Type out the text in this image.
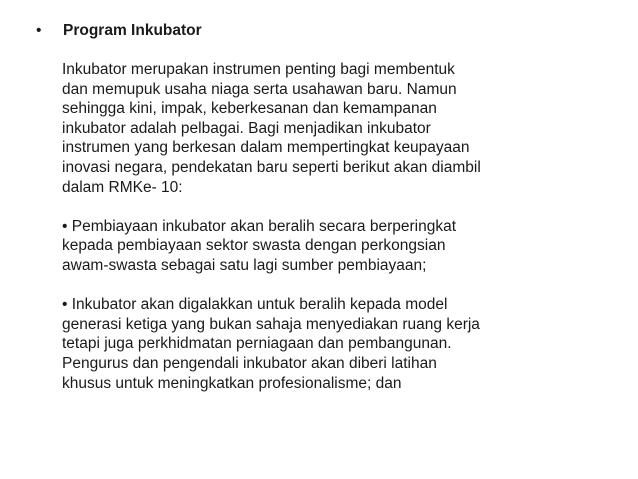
•	Program Inkubator

Inkubator merupakan instrumen penting bagi membentuk
dan memupuk usaha niaga serta usahawan baru. Namun
sehingga kini, impak, keberkesanan dan kemampanan
inkubator adalah pelbagai. Bagi menjadikan inkubator
instrumen yang berkesan dalam mempertingkat keupayaan
inovasi negara, pendekatan baru seperti berikut akan diambil
dalam RMKe- 10:

• Pembiayaan inkubator akan beralih secara berperingkat
kepada pembiayaan sektor swasta dengan perkongsian
awam-swasta sebagai satu lagi sumber pembiayaan;

• Inkubator akan digalakkan untuk beralih kepada model
generasi ketiga yang bukan sahaja menyediakan ruang kerja
tetapi juga perkhidmatan perniagaan dan pembangunan.
Pengurus dan pengendali inkubator akan diberi latihan
khusus untuk meningkatkan profesionalisme; dan
